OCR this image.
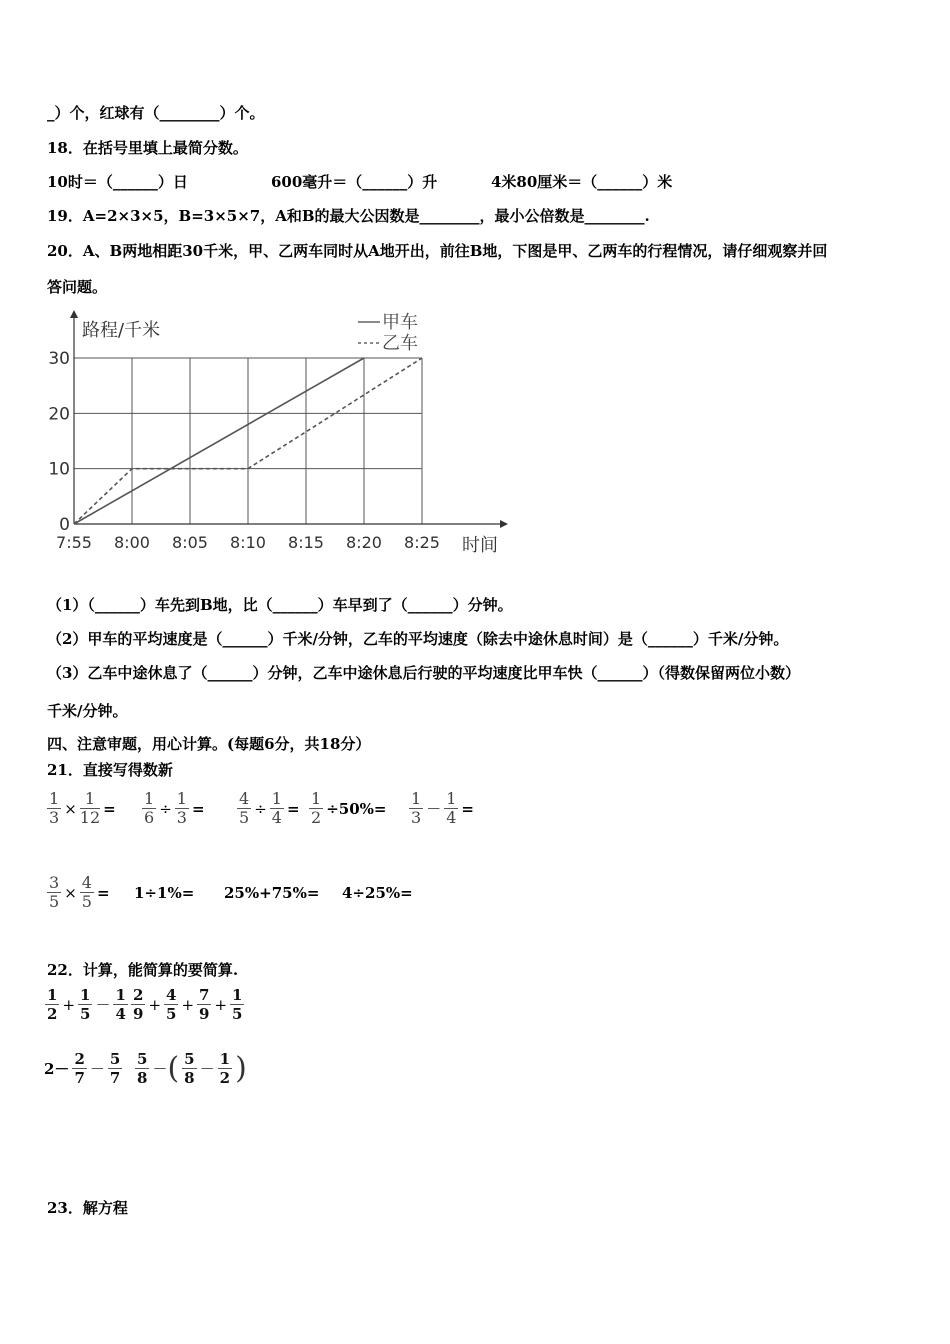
_）个，红球有（________）个。
18．在括号里填上最简分数。
10时＝（______）日	600毫升＝（______）升	4米80厘米＝（______）米
19．A=2×3×5，B=3×5×7，A和B的最大公因数是________，最小公倍数是________.
20．A、B两地相距30千米，甲、乙两车同时从A地开出，前往B地，下图是甲、乙两车的行程情况，请仔细观察并回
答问题。
路程/千米
时间
0
10
20
30
7:55 8:00 8:05 8:10 8:15 8:20 8:25
甲车
乙车
（1）（______）车先到B地，比（______）车早到了（______）分钟。
（2）甲车的平均速度是（______）千米/分钟，乙车的平均速度（除去中途休息时间）是（______）千米/分钟。
（3）乙车中途休息了（______）分钟，乙车中途休息后行驶的平均速度比甲车快（______）（得数保留两位小数）
千米/分钟。
四、注意审题，用心计算。(每题6分，共18分）
21．直接写得数新
$\frac{1}{3} \times \frac{1}{12} = \frac{1}{6} \div \frac{1}{3} = \frac{4}{5} \div \frac{1}{4} = \frac{1}{2} \div 50\%= \frac{1}{3} - \frac{1}{4}$ =
$\frac{3}{5} \times \frac{4}{5} = 1\div 1\%=$	25%+75%=	4÷25%=
22．计算，能简算的要简算.
$\frac{1}{2} + \frac{1}{5} - \frac{1}{4} \frac{2}{9} + \frac{4}{5} + \frac{7}{9} + \frac{1}{5}$
$2- \frac{2}{7} - \frac{5}{7} \frac{5}{8}$ － ( $\frac{5}{8} - \frac{1}{2}$ )
23．解方程
